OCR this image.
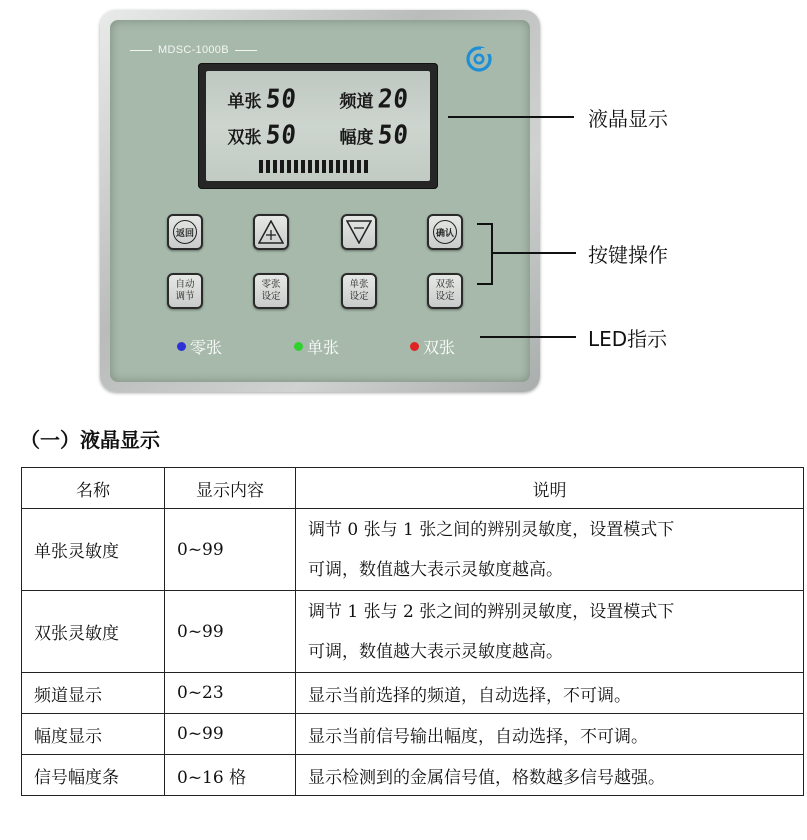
MDSC-1000B
单张 50 频道 20
双张 50 幅度 50
返回	确认
自动
调节
零张
设定
单张
设定
双张
设定
零张	单张	双张
液晶显示
按键操作
LED指示
（一）液晶显示
名称	显示内容	说明
单张灵敏度	0~99	调节 0 张与 1 张之间的辨别灵敏度，设置模式下
可调，数值越大表示灵敏度越高。

双张灵敏度	0~99	调节 1 张与 2 张之间的辨别灵敏度，设置模式下
可调，数值越大表示灵敏度越高。

频道显示	0~23	显示当前选择的频道，自动选择，不可调。
幅度显示	0~99	显示当前信号输出幅度，自动选择，不可调。
信号幅度条	0~16 格	显示检测到的金属信号值，格数越多信号越强。
